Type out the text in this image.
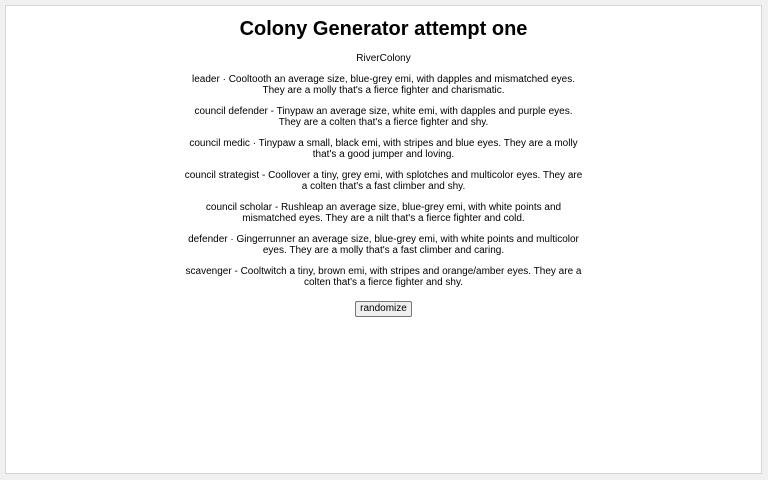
Colony Generator attempt one
RiverColony
leader · Cooltooth an average size, blue-grey emi, with dapples and mismatched eyes. They are a molly that's a fierce fighter and charismatic.
council defender - Tinypaw an average size, white emi, with dapples and purple eyes. They are a colten that's a fierce fighter and shy.
council medic · Tinypaw a small, black emi, with stripes and blue eyes. They are a molly that's a good jumper and loving.
council strategist - Coollover a tiny, grey emi, with splotches and multicolor eyes. They are a colten that's a fast climber and shy.
council scholar - Rushleap an average size, blue-grey emi, with white points and mismatched eyes. They are a nilt that's a fierce fighter and cold.
defender · Gingerrunner an average size, blue-grey emi, with white points and multicolor eyes. They are a molly that's a fast climber and caring.
scavenger - Cooltwitch a tiny, brown emi, with stripes and orange/amber eyes. They are a colten that's a fierce fighter and shy.
randomize
